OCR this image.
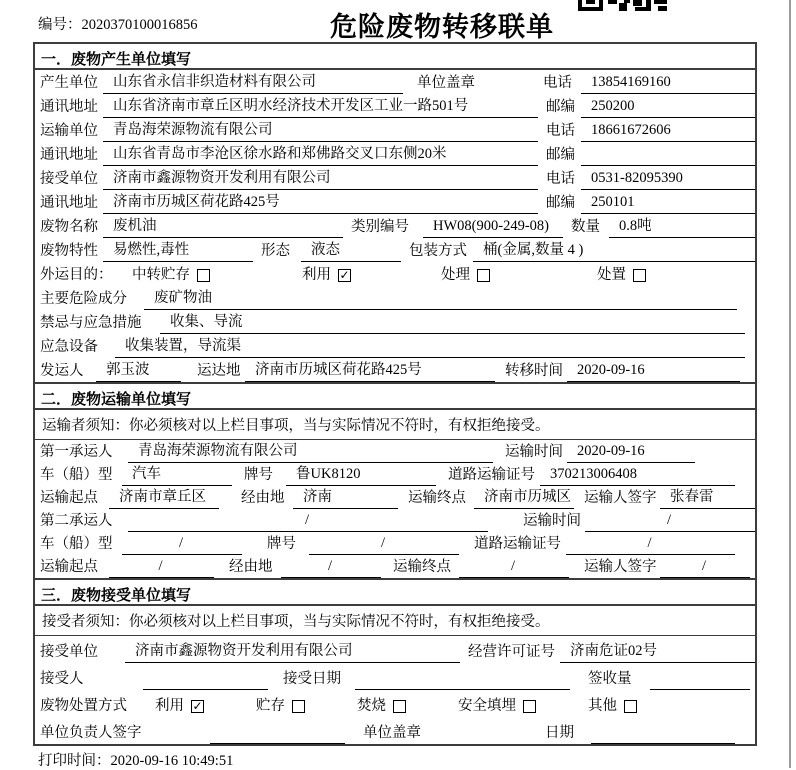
编号：2020370100016856	危险废物转移联单
一．废物产生单位填写
产生单位	山东省永信非织造材料有限公司	单位盖章	电话	13854169160
通讯地址	山东省济南市章丘区明水经济技术开发区工业一路501号	邮编	250200
运输单位	青岛海荣源物流有限公司	电话	18661672606
通讯地址	山东省青岛市李沧区徐水路和郑佛路交叉口东侧20米	邮编
接受单位	济南市鑫源物资开发利用有限公司	电话	0531-82095390
通讯地址	济南市历城区荷花路425号	邮编	250101
废物名称	废机油	类别编号	HW08(900-249-08)	数量	0.8吨
废物特性	易燃性,毒性	形态	液态	包装方式	桶(金属,数量 4 )
外运目的：	中转贮存	利用 ✓	处理	处置
主要危险成分	废矿物油
禁忌与应急措施	收集、导流
应急设备	收集装置，导流渠
发运人	郭玉波	运达地	济南市历城区荷花路425号	转移时间 2020-09-16
二．废物运输单位填写
运输者须知：你必须核对以上栏目事项，当与实际情况不符时，有权拒绝接受。
第一承运人	青岛海荣源物流有限公司	运输时间 2020-09-16
车（船）型	汽车	牌号	鲁UK8120	道路运输证号	370213006408
运输起点	济南市章丘区	经由地	济南	运输终点	济南市历城区 运输人签字 张春雷
第二承运人	/	运输时间	/
车（船）型	/	牌号	/	道路运输证号	/
运输起点	/	经由地	/	运输终点	/	运输人签字	/
三．废物接受单位填写
接受者须知：你必须核对以上栏目事项，当与实际情况不符时，有权拒绝接受。
接受单位	济南市鑫源物资开发利用有限公司	经营许可证号	济南危证02号
接受人	接受日期	签收量
废物处置方式 利用 ✓	贮存	焚烧	安全填埋	其他
单位负责人签字	单位盖章	日期
打印时间：2020-09-16 10:49:51
